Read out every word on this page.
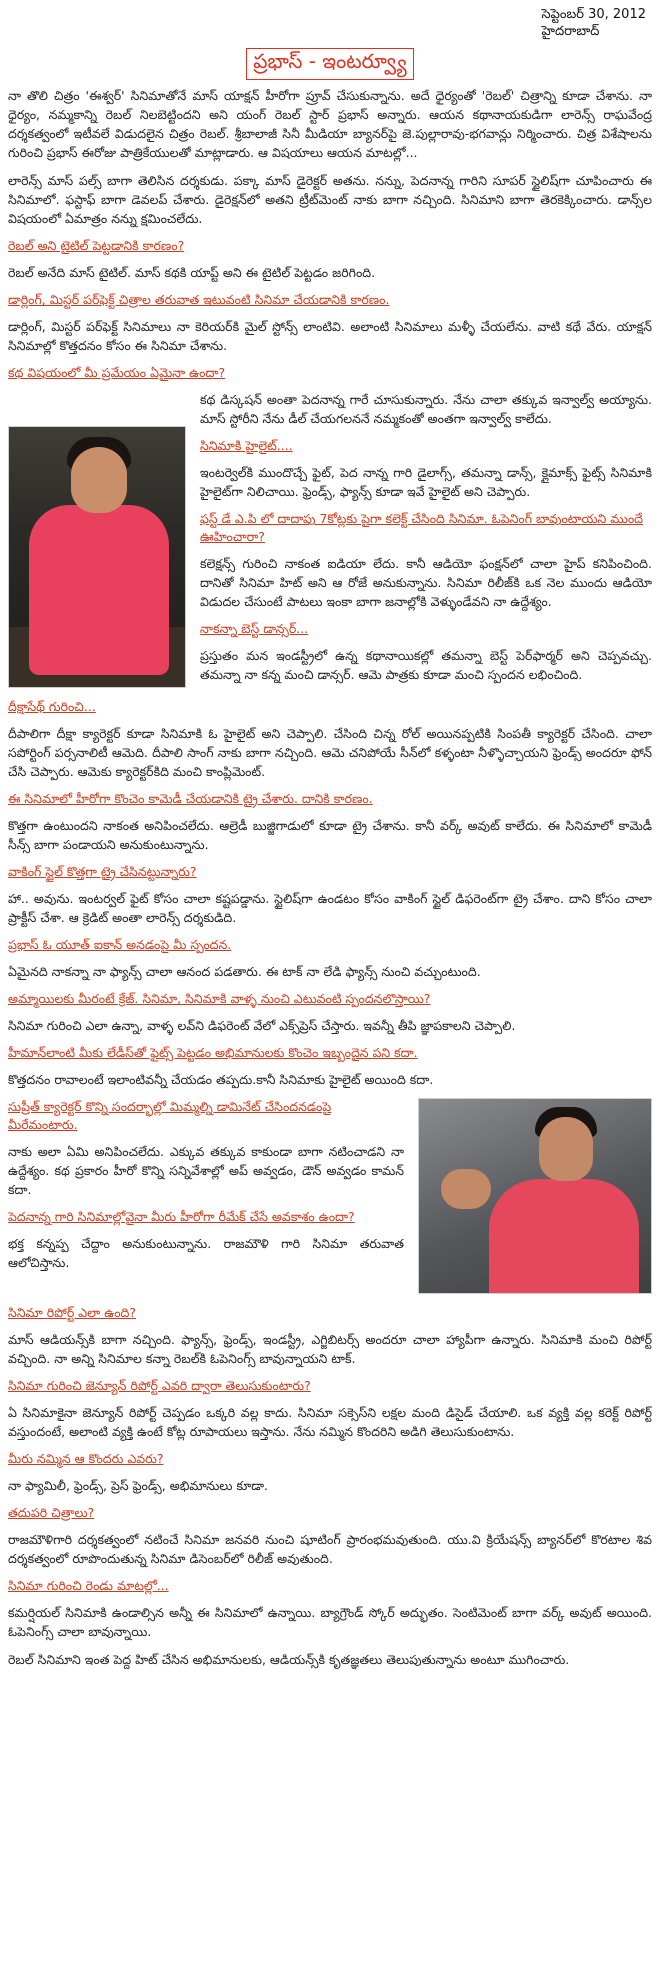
సెప్టెంబర్ 30, 2012
హైదరాబాద్
ప్రభాస్ - ఇంటర్వ్యూ

నా తొలి చిత్రం 'ఈశ్వర్' సినిమాతోనే మాస్ యాక్షన్ హీరోగా ప్రూవ్ చేసుకున్నాను. అదే ధైర్యంతో 'రెబల్' చిత్రాన్ని కూడా చేశాను. నా ధైర్యం, నమ్మకాన్ని రెబల్ నిలబెట్టిందని అని యంగ్ రెబల్ స్టార్ ప్రభాస్ అన్నారు. ఆయన కథానాయకుడిగా లారెన్స్ రాఘవేంద్ర దర్శకత్వంలో ఇటీవలే విడుదలైన చిత్రం రెబల్. శ్రీబాలాజీ సినీ మీడియా బ్యానర్‌పై జె.పుల్లారావు-భగవాన్లు నిర్మించారు. చిత్ర విశేషాలను గురించి ప్రభాస్ ఈరోజు పాత్రికేయులతో మాట్లాడారు. ఆ విషయాలు ఆయన మాటల్లో...

లారెన్స్ మాస్ పల్స్ బాగా తెలిసిన దర్శకుడు. పక్కా మాస్ డైరెక్టర్ అతను. నన్ను, పెదనాన్న గారిని సూపర్ స్టైలిష్‌గా చూపించారు ఈ సినిమాలో. ఫస్టాఫ్ బాగా డెవలప్ చేశారు. డైరెక్షన్‌లో అతని ట్రీట్‌మెంట్ నాకు బాగా నచ్చింది. సినిమాని బాగా తెరకెక్కించారు. డాన్స్‌ల విషయంలో ఏమాత్రం నన్ను క్షమించలేదు.

రెబల్ అని టైటిల్ పెట్టడానికి కారణం?

రెబల్ అనేది మాస్ టైటిల్. మాస్ కథకి యాప్ట్ అని ఈ టైటిల్ పెట్టడం జరిగింది.

డార్లింగ్, మిస్టర్ పర్‌ఫెక్ట్ చిత్రాల తరువాత ఇటువంటి సినిమా చేయడానికి కారణం.

డార్లింగ్, మిస్టర్ పర్‌ఫెక్ట్ సినిమాలు నా కెరియర్‌కి మైల్ స్టోన్స్ లాంటివి. అలాంటి సినిమాలు మళ్ళీ చేయలేను. వాటి కథే వేరు. యాక్షన్ సినిమాల్లో కొత్తదనం కోసం ఈ సినిమా చేశాను.

కథ విషయంలో మీ ప్రమేయం ఏమైనా ఉందా?

కథ డిస్కషన్ అంతా పెదనాన్న గారే చూసుకున్నారు. నేను చాలా తక్కువ ఇన్వాల్వ్ అయ్యాను. మాస్ స్టోరీని నేను డీల్ చేయగలననే నమ్మకంతో అంతగా ఇన్వాల్వ్ కాలేదు.

సినిమాకి హైలైట్....

ఇంటర్వెల్‌కి ముందొచ్చే ఫైట్, పెద నాన్న గారి డైలాగ్స్, తమన్నా డాన్స్, క్లైమాక్స్ ఫైట్స్ సినిమాకి హైలైట్‌గా నిలిచాయి. ఫ్రెండ్స్, ఫ్యాన్స్ కూడా ఇవే హైలైట్ అని చెప్పారు.

ఫస్ట్ డే ఎ.పి లో దాదాపు 7కోట్లకు పైగా కలెక్ట్ చేసింది సినిమా. ఓపెనింగ్ బావుంటాయని ముందే ఊహించారా?

కలెక్షన్స్ గురించి నాకంత ఐడియా లేదు. కానీ ఆడియో ఫంక్షన్‌లో చాలా హైప్ కనిపించింది. దానితో సినిమా హిట్ అని ఆ రోజే అనుకున్నాను. సినిమా రిలీజ్‌కి ఒక నెల ముందు ఆడియో విడుదల చేసుంటే పాటలు ఇంకా బాగా జనాల్లోకి వెళ్ళుండేవని నా ఉద్దేశ్యం.

నాకన్నా బెస్ట్ డాన్సర్...

ప్రస్తుతం మన ఇండస్ట్రీలో ఉన్న కథానాయికల్లో తమన్నా బెస్ట్ పెర్‌ఫార్మర్ అని చెప్పవచ్చు. తమన్నా నా కన్న మంచి డాన్సర్. ఆమె పాత్రకు కూడా మంచి స్పందన లభించింది.

దీక్షాసేథ్ గురించి...

దీపాలిగా దీక్షా క్యారెక్టర్ కూడా సినిమాకి ఓ హైలైట్ అని చెప్పాలి. చేసింది చిన్న రోల్ అయినప్పటికి సింపతీ క్యారెక్టర్ చేసింది. చాలా సపోర్టింగ్ పర్సనాలిటీ ఆమెది. దీపాలి సాంగ్ నాకు బాగా నచ్చింది. ఆమె చనిపోయే సీన్‌లో కళ్ళంటా నీళ్ళొచ్చాయని ఫ్రెండ్స్ అందరూ ఫోన్ చేసి చెప్పారు. ఆమెకు క్యారెక్టర్‌కిది మంచి కాంప్లిమెంట్.

ఈ సినిమాలో హీరోగా కొంచెం కామెడీ చేయడానికి ట్రై చేశారు. దానికి కారణం.

కొత్తగా ఉంటుందని నాకంత అనిపించలేదు. ఆల్రెడీ బుజ్జిగాడులో కూడా ట్రై చేశాను. కానీ వర్క్ అవుట్ కాలేదు. ఈ సినిమాలో కామెడీ సీన్స్ బాగా పండాయని అనుకుంటున్నాను.

వాకింగ్ స్టైల్ కొత్తగా ట్రై చేసినట్టున్నారు?

హా.. అవును. ఇంటర్వల్ ఫైట్ కోసం చాలా కష్టపడ్డాను. స్టైలిష్‌గా ఉండటం కోసం వాకింగ్ స్టైల్ డిఫరెంట్‌గా ట్రై చేశాం. దాని కోసం చాలా ప్రాక్టీస్ చేశా. ఆ క్రెడిట్ అంతా లారెన్స్ దర్శకుడిది.

ప్రభాస్ ఓ యూత్ ఐకాన్ అనడంపై మీ స్పందన.

ఏమైనది నాకన్నా నా ఫ్యాన్స్ చాలా ఆనంద పడతారు. ఈ టాక్ నా లేడి ఫ్యాన్స్ నుంచి వచ్చుంటుంది.

అమ్మాయిలకు మీరంటే క్రేజ్. సినిమా, సినిమాకి వాళ్ళ నుంచి ఎటువంటి స్పందనలొస్తాయి?

సినిమా గురించి ఎలా ఉన్నా, వాళ్ళ లవ్‌ని డిఫరెంట్ వేలో ఎక్స్‌ప్రెస్ చేస్తారు. ఇవన్నీ తీపి జ్ఞాపకాలని చెప్పాలి.

హీమాన్‌లాంటి మీకు లేడీస్‌తో ఫైట్స్ పెట్టడం అభిమానులకు కొంచెం ఇబ్బందైన పని కదా.

కొత్తదనం రావాలంటే ఇలాంటివన్నీ చేయడం తప్పదు.కానీ సినిమాకు హైలైట్ అయింది కదా.

సుప్రీత్ క్యారెక్టర్ కొన్ని సందర్భాల్లో మిమ్మల్ని డామినేట్ చేసిందనడంపై మీరేమంటారు.

నాకు అలా ఏమి అనిపించలేదు. ఎక్కువ తక్కువ కాకుండా బాగా నటించాడని నా ఉద్దేశ్యం. కథ ప్రకారం హీరో కొన్ని సన్నివేశాల్లో అప్ అవ్వడం, డౌన్ అవ్వడం కామన్ కదా.

పెదనాన్న గారి సినిమాల్లోవైనా మీరు హీరోగా రీమేక్ చేసే అవకాశం ఉందా?

భక్త కన్నప్ప చేద్దాం అనుకుంటున్నాను. రాజమౌళి గారి సినిమా తరువాత ఆలోచిస్తాను.

సినిమా రిపోర్ట్ ఎలా ఉంది?

మాస్ ఆడియన్స్‌కి బాగా నచ్చింది. ఫ్యాన్స్, ఫ్రెండ్స్, ఇండస్ట్రీ, ఎగ్జిబిటర్స్ అందరూ చాలా హ్యాపీగా ఉన్నారు. సినిమాకి మంచి రిపోర్ట్ వచ్చింది. నా అన్ని సినిమాల కన్నా రెబల్‌కి ఓపెనింగ్స్ బావున్నాయని టాక్.

సినిమా గురించి జెన్యూన్ రిపోర్ట్ ఎవరి ద్వారా తెలుసుకుంటారు?

ఏ సినిమాకైనా జెన్యూన్ రిపోర్ట్ చెప్పడం ఒక్కరి వల్ల కాదు. సినిమా సక్సెస్‌ని లక్షల మంది డిసైడ్ చేయాలి. ఒక వ్యక్తి వల్ల కరెక్ట్ రిపోర్ట్ వస్తుందంటే, అలాంటి వ్యక్తి ఉంటే కోట్ల రూపాయలు ఇస్తాను. నేను నమ్మిన కొందరిని అడిగి తెలుసుకుంటాను.

మీరు నమ్మిన ఆ కొందరు ఎవరు?

నా ఫ్యామిలీ, ఫ్రెండ్స్, ప్రెస్ ఫ్రెండ్స్, అభిమానులు కూడా.

తదుపరి చిత్రాలు?

రాజమౌళిగారి దర్శకత్వంలో నటించే సినిమా జనవరి నుంచి షూటింగ్ ప్రారంభమవుతుంది. యు.వి క్రియేషన్స్ బ్యానర్‌లో కొరటాల శివ దర్శకత్వంలో రూపొందుతున్న సినిమా డిసెంబర్‌లో రిలీజ్ అవుతుంది.

సినిమా గురించి రెండు మాటల్లో...

కమర్షియల్ సినిమాకి ఉండాల్సిన అన్నీ ఈ సినిమాలో ఉన్నాయి. బ్యాగ్రౌండ్ స్కోర్ అద్భుతం. సెంటిమెంట్ బాగా వర్క్ అవుట్ అయింది. ఓపెనింగ్స్ చాలా బావున్నాయి.

రెబల్ సినిమాని ఇంత పెద్ద హిట్ చేసిన అభిమానులకు, ఆడియన్స్‌కి కృతజ్ఞతలు తెలుపుతున్నాను అంటూ ముగించారు.
